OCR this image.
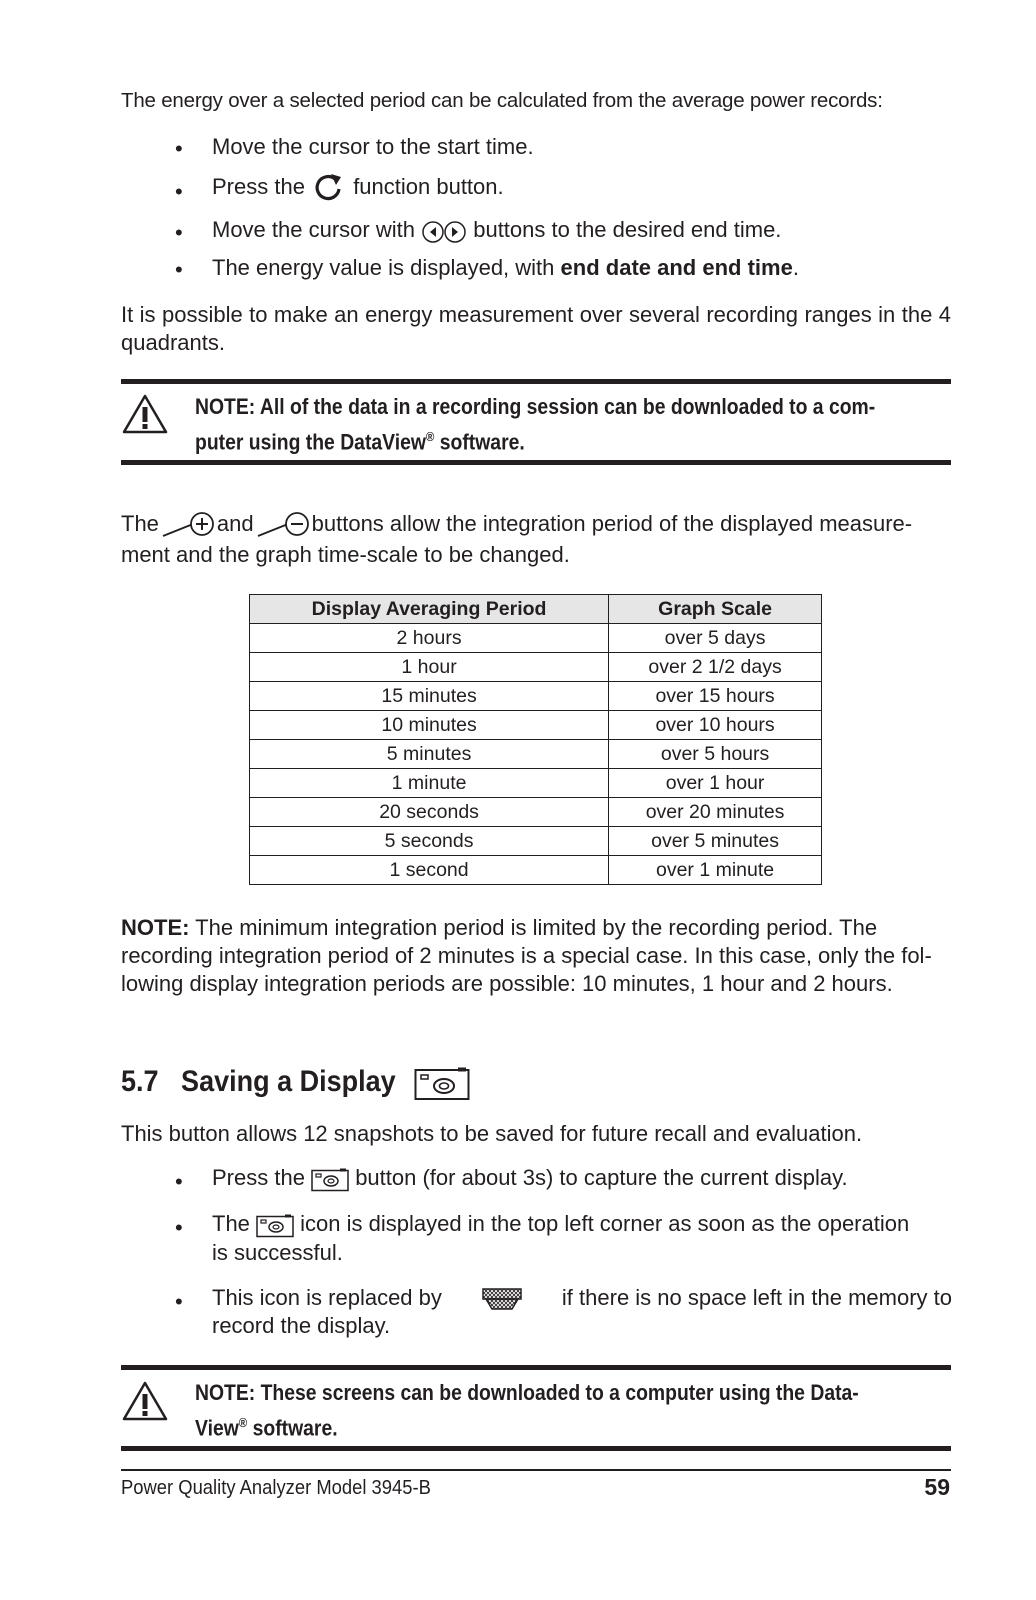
The energy over a selected period can be calculated from the average power records:
• Move the cursor to the start time.
• Press the function button.
• Move the cursor with	buttons to the desired end time.
• The energy value is displayed, with end date and end time.
It is possible to make an energy measurement over several recording ranges in the 4 quadrants.
NOTE: All of the data in a recording session can be downloaded to a com-
puter using the DataView® software.
The	and	buttons allow the integration period of the displayed measure-
ment and the graph time-scale to be changed.
Display Averaging Period	Graph Scale
2 hours	over 5 days
1 hour	over 2 1/2 days
15 minutes	over 15 hours
10 minutes	over 10 hours
5 minutes	over 5 hours
1 minute	over 1 hour
20 seconds	over 20 minutes
5 seconds	over 5 minutes
1 second	over 1 minute
NOTE: The minimum integration period is limited by the recording period. The
recording integration period of 2 minutes is a special case. In this case, only the fol-
lowing display integration periods are possible: 10 minutes, 1 hour and 2 hours.
5.7 Saving a Display
This button allows 12 snapshots to be saved for future recall and evaluation.
• Press the button (for about 3s) to capture the current display.
• The icon is displayed in the top left corner as soon as the operation
is successful.
• This icon is replaced by	if there is no space left in the memory to
record the display.
NOTE: These screens can be downloaded to a computer using the Data-
View® software.
Power Quality Analyzer Model 3945-B	59
